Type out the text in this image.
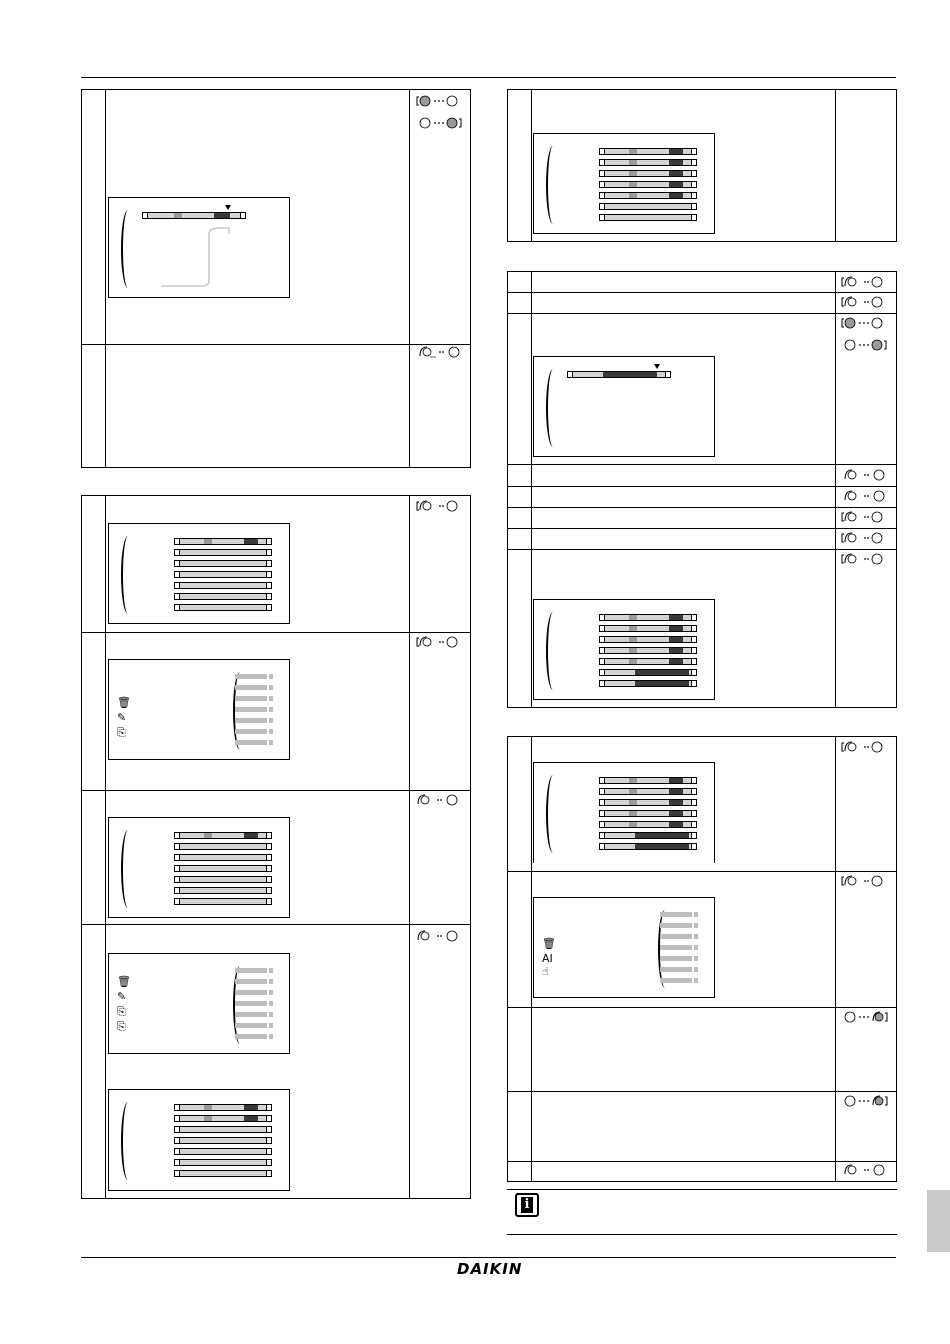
DAIKIN
🗑
✎
⎘
🗑
✎
⎘
⎘
🗑
AI
☝
i
